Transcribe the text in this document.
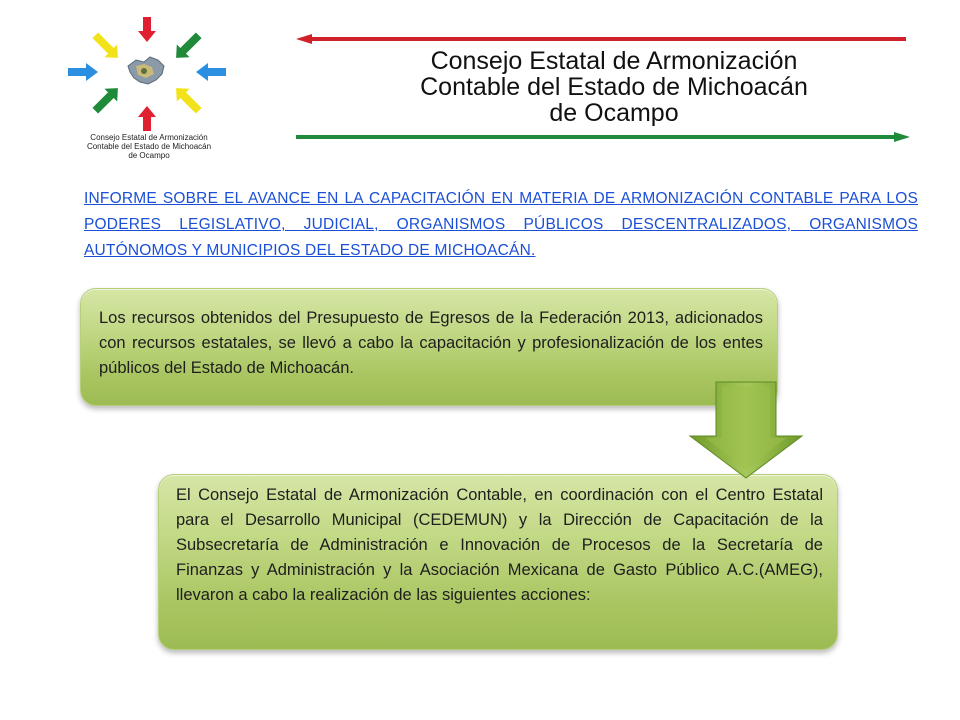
Consejo Estatal de Armonización
Contable del Estado de Michoacán
de Ocampo
Consejo Estatal de Armonización
Contable del Estado de Michoacán
de Ocampo
INFORME SOBRE EL AVANCE EN LA CAPACITACIÓN EN MATERIA DE ARMONIZACIÓN CONTABLE PARA LOS PODERES LEGISLATIVO, JUDICIAL, ORGANISMOS PÚBLICOS DESCENTRALIZADOS, ORGANISMOS AUTÓNOMOS Y MUNICIPIOS DEL ESTADO DE MICHOACÁN.
Los recursos obtenidos del Presupuesto de Egresos de la Federación 2013, adicionados con recursos estatales, se llevó a cabo la capacitación y profesionalización de los entes públicos del Estado de Michoacán.
El Consejo Estatal de Armonización Contable, en coordinación con el Centro Estatal para el Desarrollo Municipal (CEDEMUN) y la Dirección de Capacitación de la Subsecretaría de Administración e Innovación de Procesos de la Secretaría de Finanzas y Administración y la Asociación Mexicana de Gasto Público A.C.(AMEG), llevaron a cabo la realización de las siguientes acciones:
